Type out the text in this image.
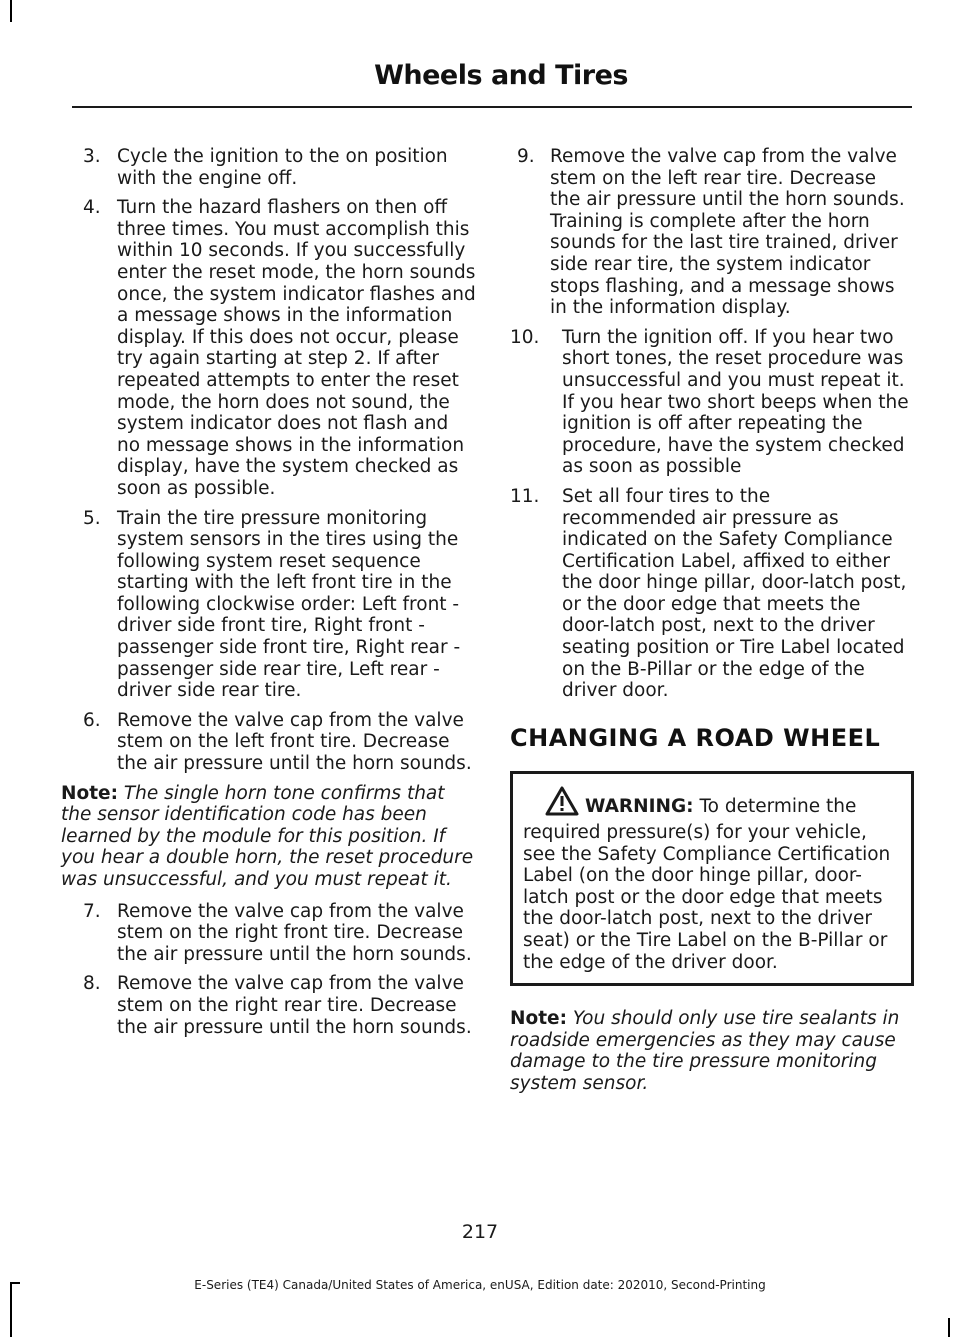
Wheels and Tires
3. Cycle the ignition to the on position with the engine off.
4. Turn the hazard flashers on then off three times. You must accomplish this within 10 seconds. If you successfully enter the reset mode, the horn sounds once, the system indicator flashes and a message shows in the information display. If this does not occur, please try again starting at step 2. If after repeated attempts to enter the reset mode, the horn does not sound, the system indicator does not flash and no message shows in the information display, have the system checked as soon as possible.
5. Train the tire pressure monitoring system sensors in the tires using the following system reset sequence starting with the left front tire in the following clockwise order: Left front - driver side front tire, Right front - passenger side front tire, Right rear - passenger side rear tire, Left rear - driver side rear tire.
6. Remove the valve cap from the valve stem on the left front tire. Decrease the air pressure until the horn sounds.
Note: The single horn tone confirms that the sensor identification code has been learned by the module for this position. If you hear a double horn, the reset procedure was unsuccessful, and you must repeat it.
7. Remove the valve cap from the valve stem on the right front tire. Decrease the air pressure until the horn sounds.
8. Remove the valve cap from the valve stem on the right rear tire. Decrease the air pressure until the horn sounds.
9. Remove the valve cap from the valve stem on the left rear tire. Decrease the air pressure until the horn sounds. Training is complete after the horn sounds for the last tire trained, driver side rear tire, the system indicator stops flashing, and a message shows in the information display.
10.	Turn the ignition off. If you hear two short tones, the reset procedure was unsuccessful and you must repeat it. If you hear two short beeps when the ignition is off after repeating the procedure, have the system checked as soon as possible
11.	Set all four tires to the recommended air pressure as indicated on the Safety Compliance Certification Label, affixed to either the door hinge pillar, door-latch post, or the door edge that meets the door-latch post, next to the driver seating position or Tire Label located on the B-Pillar or the edge of the driver door.
CHANGING A ROAD WHEEL
WARNING: To determine the required pressure(s) for your vehicle, see the Safety Compliance Certification Label (on the door hinge pillar, door-latch post or the door edge that meets the door-latch post, next to the driver seat) or the Tire Label on the B-Pillar or the edge of the driver door.
Note: You should only use tire sealants in roadside emergencies as they may cause damage to the tire pressure monitoring system sensor.
217
E-Series (TE4) Canada/United States of America, enUSA, Edition date: 202010, Second-Printing
